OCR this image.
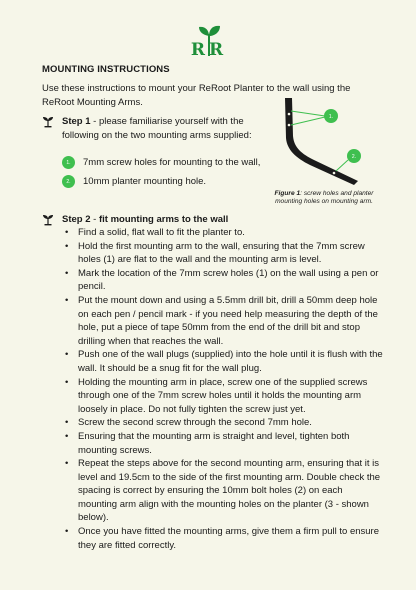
RR
MOUNTING INSTRUCTIONS
Use these instructions to mount your ReRoot Planter to the wall using the ReRoot Mounting Arms.
Step 1 - please familiarise yourself with the following on the two mounting arms supplied:
1.	7mm screw holes for mounting to the wall,
2.	10mm planter mounting hole.
1.
2.
Figure 1: screw holes and planter mounting holes on mounting arm.
Step 2 - fit mounting arms to the wall
• Find a solid, flat wall to fit the planter to.
• Hold the first mounting arm to the wall, ensuring that the 7mm screw holes (1) are flat to the wall and the mounting arm is level.
• Mark the location of the 7mm screw holes (1) on the wall using a pen or pencil.
• Put the mount down and using a 5.5mm drill bit, drill a 50mm deep hole on each pen / pencil mark - if you need help measuring the depth of the hole, put a piece of tape 50mm from the end of the drill bit and stop drilling when that reaches the wall.
• Push one of the wall plugs (supplied) into the hole until it is flush with the wall. It should be a snug fit for the wall plug.
• Holding the mounting arm in place, screw one of the supplied screws through one of the 7mm screw holes until it holds the mounting arm loosely in place. Do not fully tighten the screw just yet.
• Screw the second screw through the second 7mm hole.
• Ensuring that the mounting arm is straight and level, tighten both mounting screws.
• Repeat the steps above for the second mounting arm, ensuring that it is level and 19.5cm to the side of the first mounting arm. Double check the spacing is correct by ensuring the 10mm bolt holes (2) on each mounting arm align with the mounting holes on the planter (3 - shown below).
• Once you have fitted the mounting arms, give them a firm pull to ensure they are fitted correctly.
